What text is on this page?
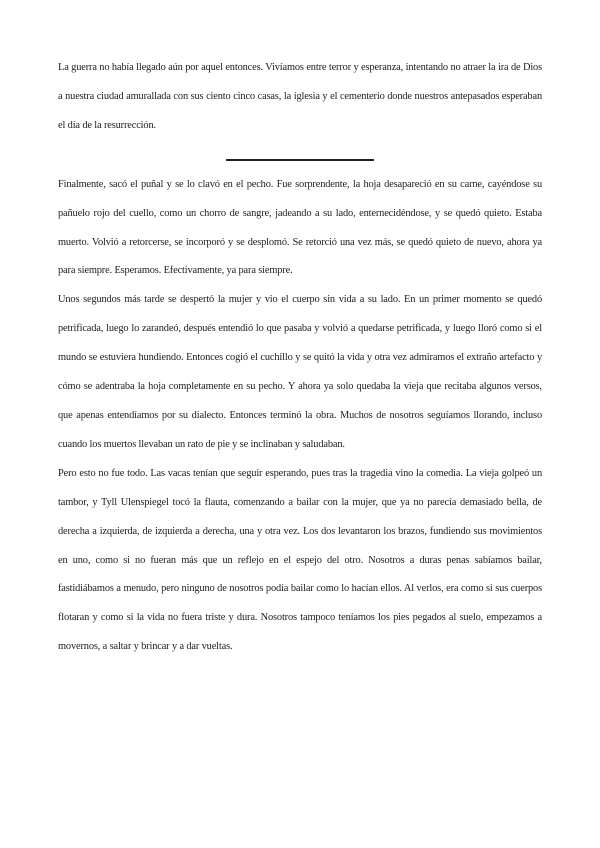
La guerra no había llegado aún por aquel entonces. Vivíamos entre terror y esperanza, intentando no atraer la ira de Dios a nuestra ciudad amurallada con sus ciento cinco casas, la iglesia y el cementerio donde nuestros antepasados esperaban el día de la resurrección.

Finalmente, sacó el puñal y se lo clavó en el pecho. Fue sorprendente, la hoja desapareció en su carne, cayéndose su pañuelo rojo del cuello, como un chorro de sangre, jadeando a su lado, enternecidéndose, y se quedó quieto. Estaba muerto. Volvió a retorcerse, se incorporó y se desplomó. Se retorció una vez más, se quedó quieto de nuevo, ahora ya para siempre. Esperamos. Efectivamente, ya para siempre.

Unos segundos más tarde se despertó la mujer y vio el cuerpo sin vida a su lado. En un primer momento se quedó petrificada, luego lo zarandeó, después entendió lo que pasaba y volvió a quedarse petrificada, y luego lloró como si el mundo se estuviera hundiendo. Entonces cogió el cuchillo y se quitó la vida y otra vez admiramos el extraño artefacto y cómo se adentraba la hoja completamente en su pecho. Y ahora ya solo quedaba la vieja que recitaba algunos versos, que apenas entendíamos por su dialecto. Entonces terminó la obra. Muchos de nosotros seguíamos llorando, incluso cuando los muertos llevaban un rato de pie y se inclinaban y saludaban.

Pero esto no fue todo. Las vacas tenían que seguir esperando, pues tras la tragedia vino la comedia. La vieja golpeó un tambor, y Tyll Ulenspiegel tocó la flauta, comenzando a bailar con la mujer, que ya no parecía demasiado bella, de derecha a izquierda, de izquierda a derecha, una y otra vez. Los dos levantaron los brazos, fundiendo sus movimientos en uno, como si no fueran más que un reflejo en el espejo del otro. Nosotros a duras penas sabíamos bailar, fastidiábamos a menudo, pero ninguno de nosotros podía bailar como lo hacían ellos. Al verlos, era como si sus cuerpos flotaran y como si la vida no fuera triste y dura. Nosotros tampoco teníamos los pies pegados al suelo, empezamos a movernos, a saltar y brincar y a dar vueltas.
